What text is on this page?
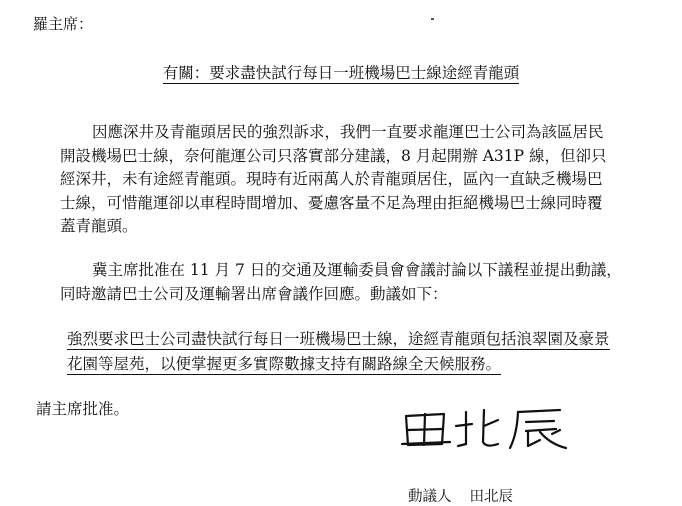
羅主席：
有關：要求盡快試行每日一班機場巴士線途經青龍頭
因應深井及青龍頭居民的強烈訴求，我們一直要求龍運巴士公司為該區居民
開設機場巴士線，奈何龍運公司只落實部分建議，8 月起開辦 A31P 線，但卻只
經深井，未有途經青龍頭。現時有近兩萬人於青龍頭居住，區內一直缺乏機場巴
士線，可惜龍運卻以車程時間增加、憂慮客量不足為理由拒絕機場巴士線同時覆
蓋青龍頭。
冀主席批准在 11 月 7 日的交通及運輸委員會會議討論以下議程並提出動議，
同時邀請巴士公司及運輸署出席會議作回應。動議如下：
強烈要求巴士公司盡快試行每日一班機場巴士線，途經青龍頭包括浪翠園及豪景
花園等屋苑，以便掌握更多實際數據支持有關路線全天候服務。
請主席批准。
動議人 田北辰
